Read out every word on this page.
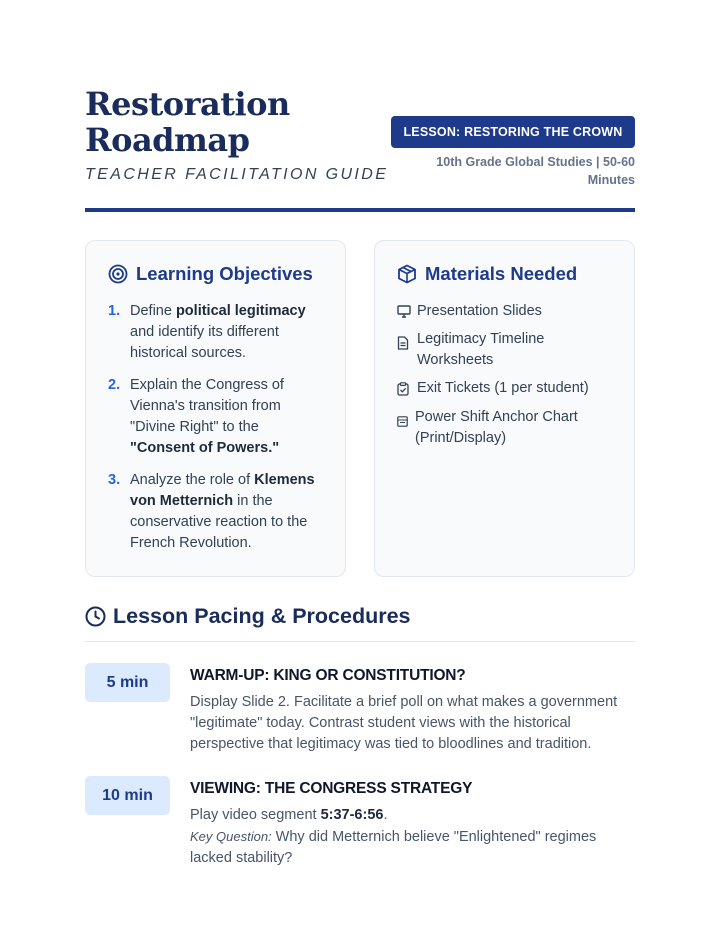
Restoration
Roadmap
TEACHER FACILITATION GUIDE
LESSON: RESTORING THE CROWN
10th Grade Global Studies | 50-60
Minutes
Learning Objectives
1. Define political legitimacy and identify its different historical sources.
2. Explain the Congress of Vienna's transition from "Divine Right" to the "Consent of Powers."
3. Analyze the role of Klemens von Metternich in the conservative reaction to the French Revolution.
Materials Needed
Presentation Slides
Legitimacy Timeline Worksheets
Exit Tickets (1 per student)
Power Shift Anchor Chart (Print/Display)
Lesson Pacing & Procedures
5 min	WARM-UP: KING OR CONSTITUTION?
Display Slide 2. Facilitate a brief poll on what makes a government "legitimate" today. Contrast student views with the historical perspective that legitimacy was tied to bloodlines and tradition.
10 min	VIEWING: THE CONGRESS STRATEGY
Play video segment 5:37-6:56.
Key Question: Why did Metternich believe "Enlightened" regimes lacked stability?
